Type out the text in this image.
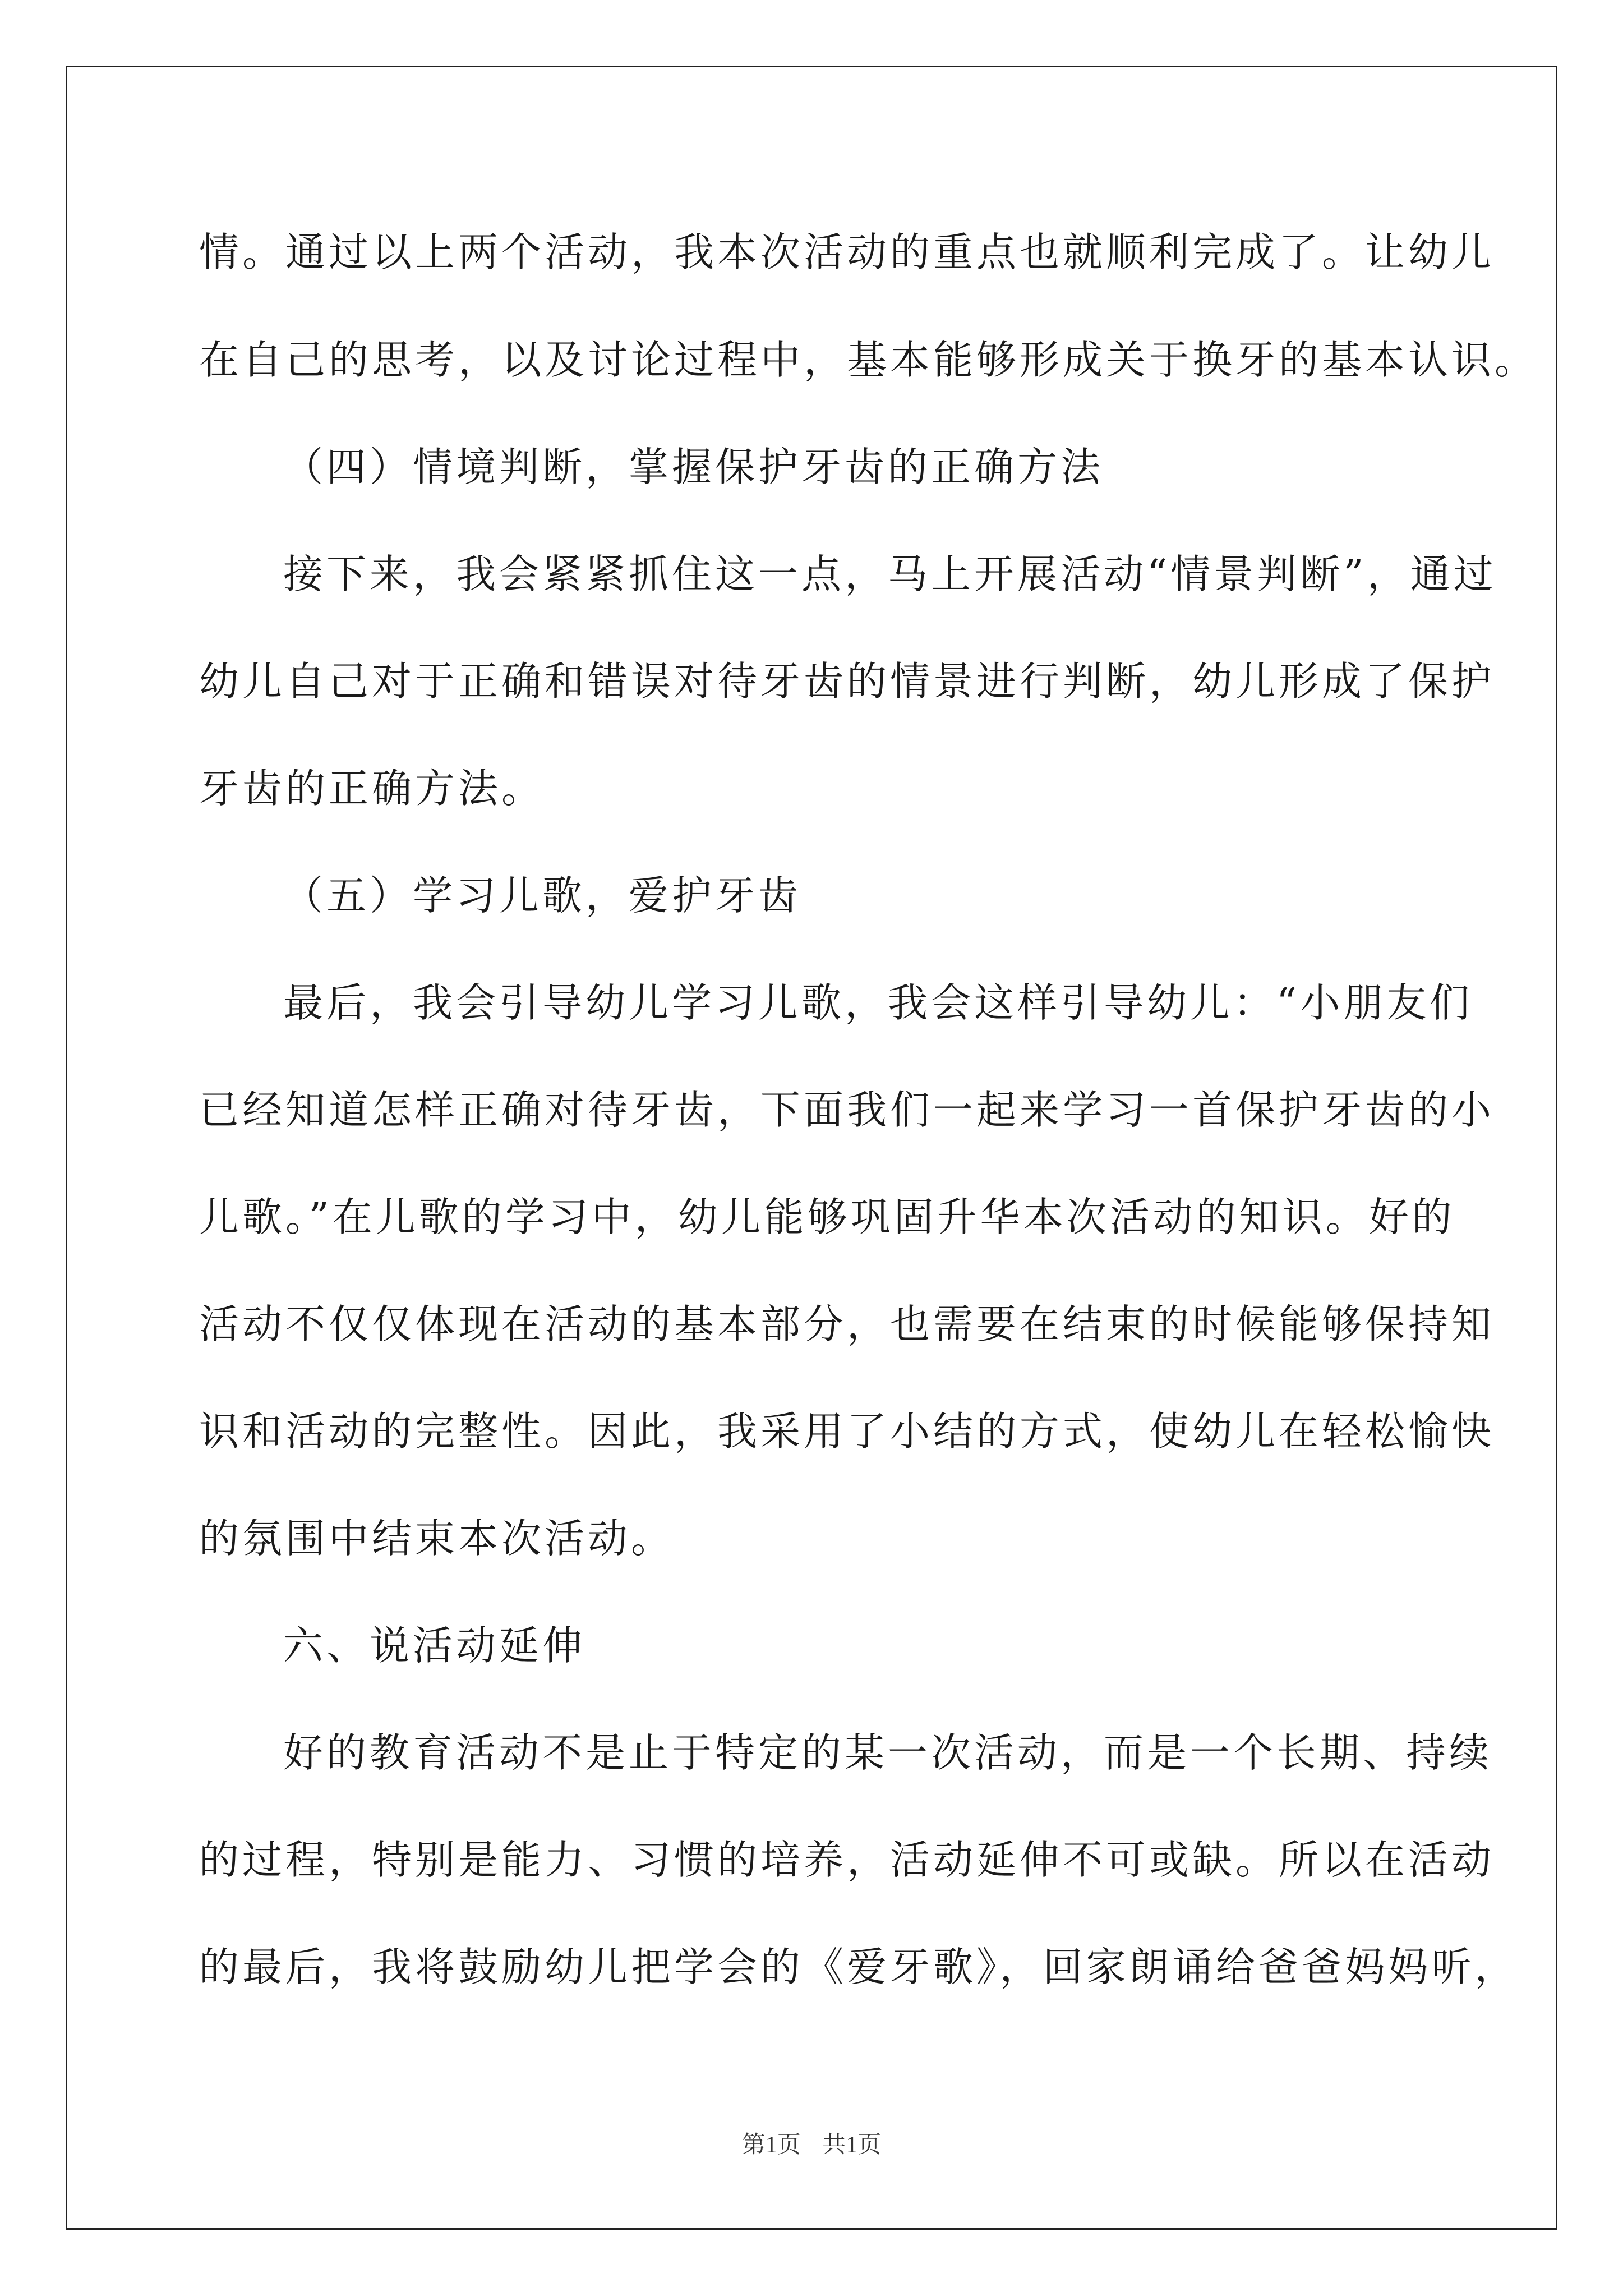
情。通过以上两个活动，我本次活动的重点也就顺利完成了。让幼儿
在自己的思考，以及讨论过程中，基本能够形成关于换牙的基本认识。
（四）情境判断，掌握保护牙齿的正确方法
接下来，我会紧紧抓住这一点，马上开展活动“情景判断”，通过
幼儿自己对于正确和错误对待牙齿的情景进行判断，幼儿形成了保护
牙齿的正确方法。
（五）学习儿歌，爱护牙齿
最后，我会引导幼儿学习儿歌，我会这样引导幼儿：“小朋友们
已经知道怎样正确对待牙齿，下面我们一起来学习一首保护牙齿的小
儿歌。”在儿歌的学习中，幼儿能够巩固升华本次活动的知识。好的
活动不仅仅体现在活动的基本部分，也需要在结束的时候能够保持知
识和活动的完整性。因此，我采用了小结的方式，使幼儿在轻松愉快
的氛围中结束本次活动。
六、说活动延伸
好的教育活动不是止于特定的某一次活动，而是一个长期、持续
的过程，特别是能力、习惯的培养，活动延伸不可或缺。所以在活动
的最后，我将鼓励幼儿把学会的《爱牙歌》，回家朗诵给爸爸妈妈听，
第1页 共1页
